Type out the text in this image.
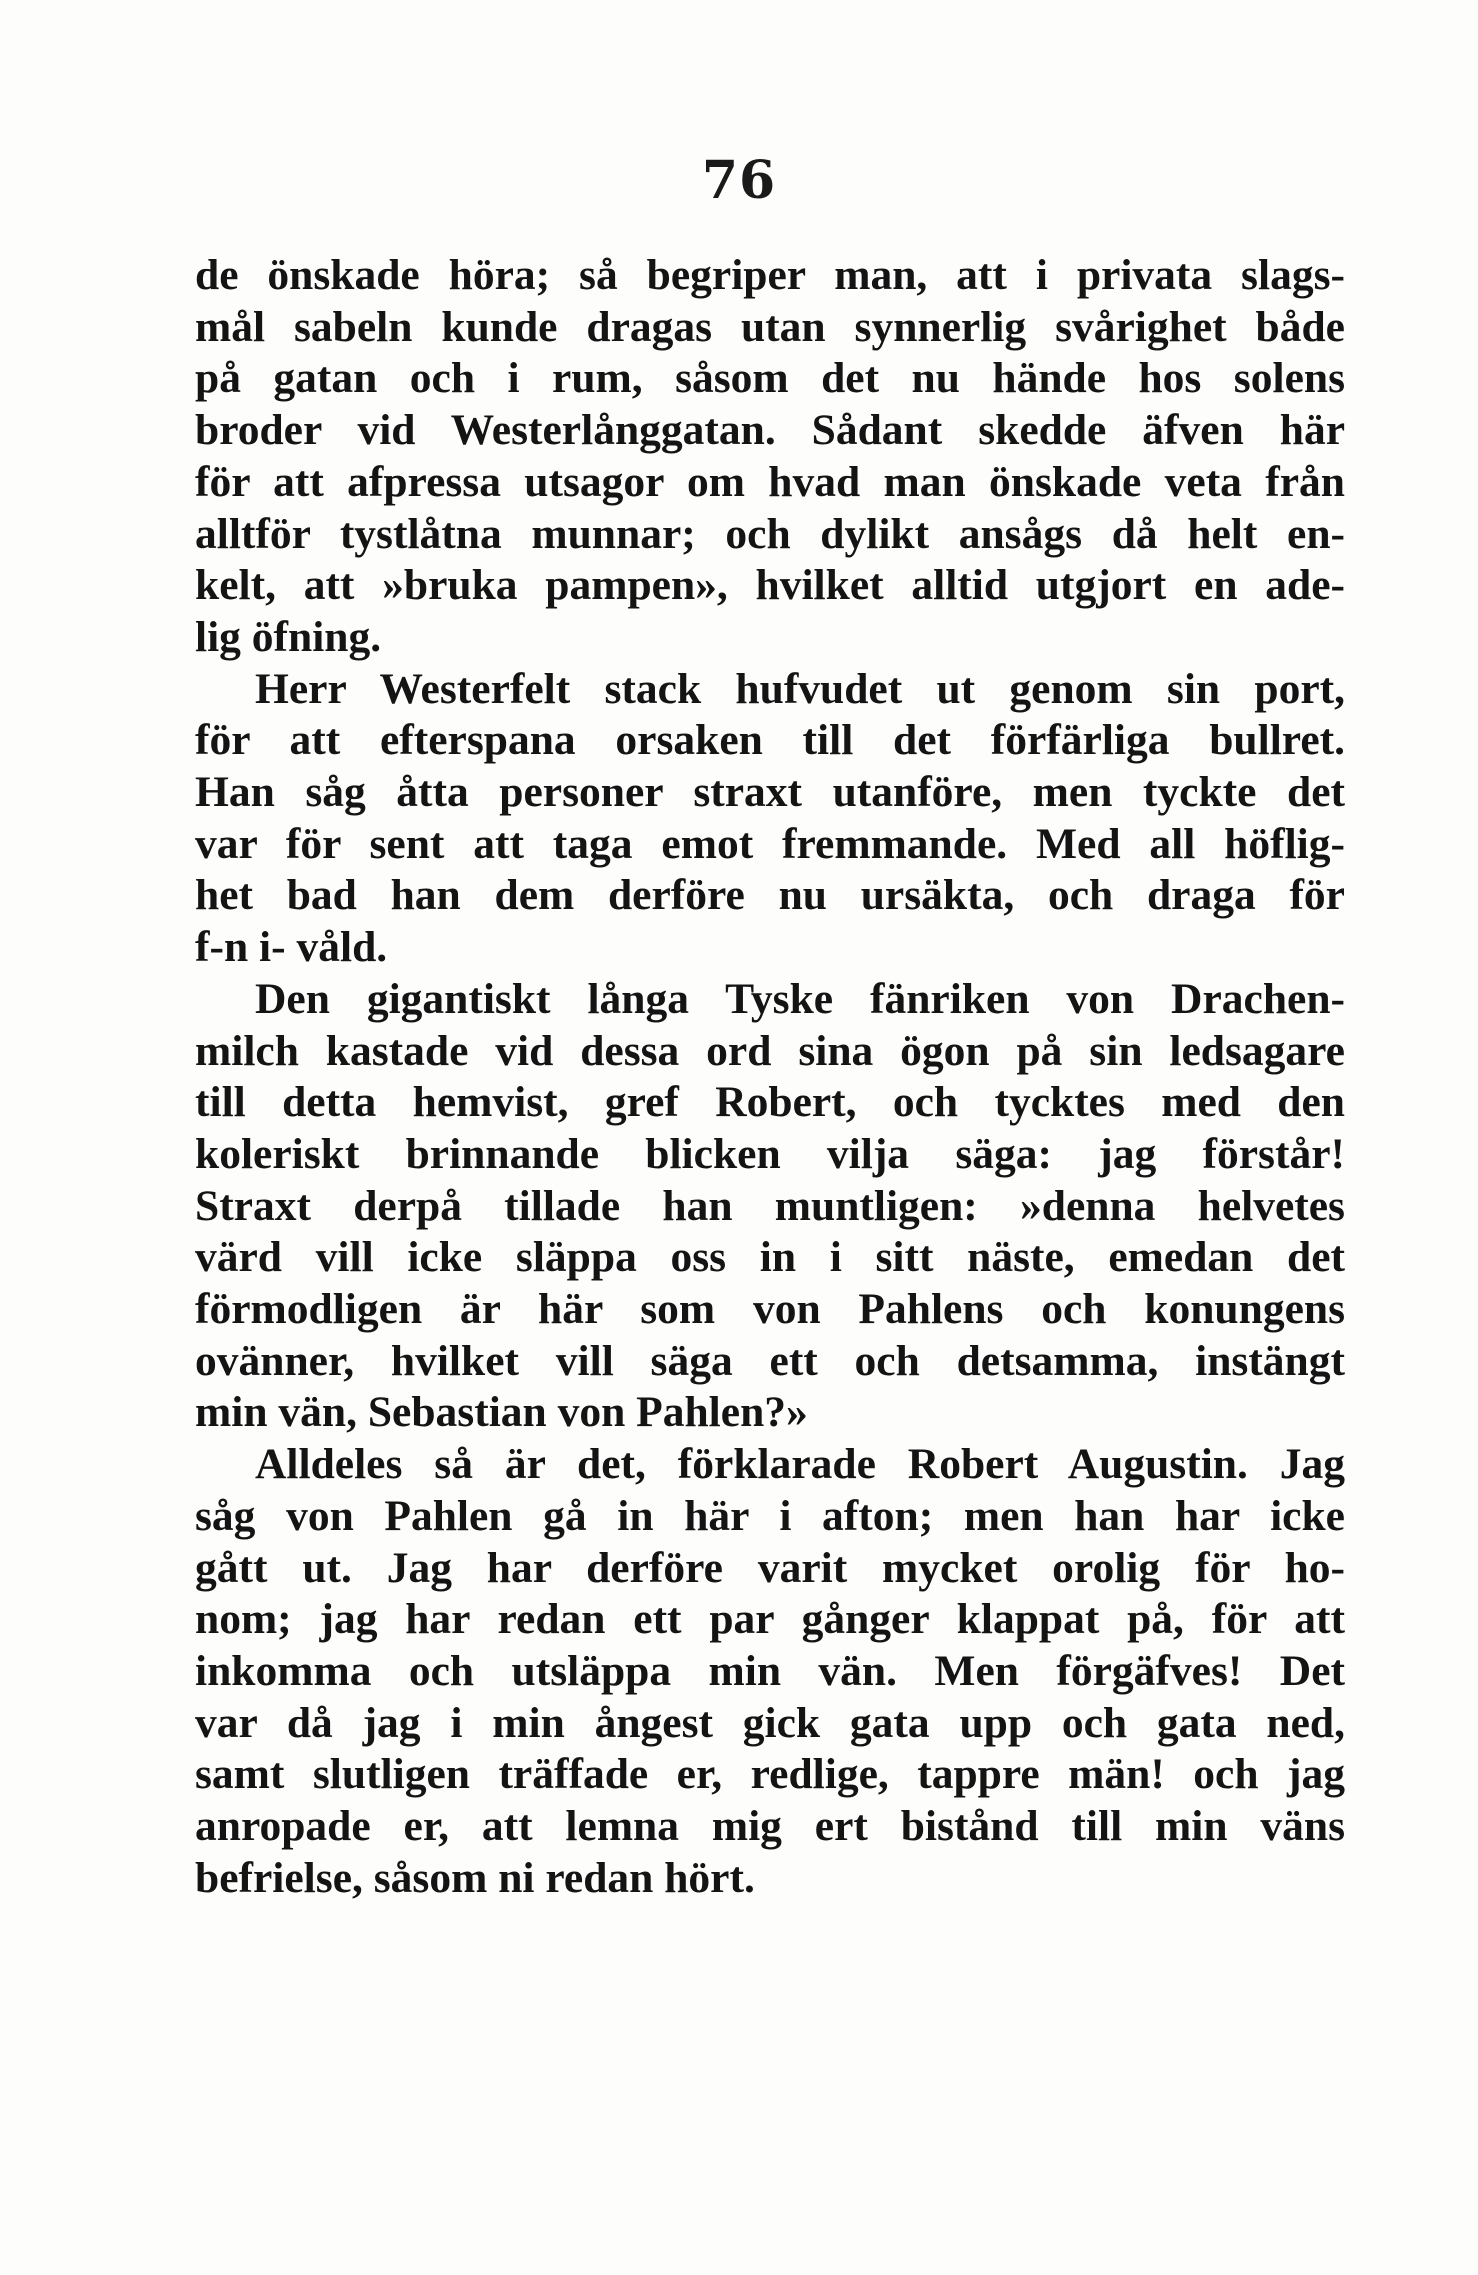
76

de önskade höra; så begriper man, att i privata slags-
mål sabeln kunde dragas utan synnerlig svårighet både
på gatan och i rum, såsom det nu hände hos solens
broder vid Westerlånggatan. Sådant skedde äfven här
för att afpressa utsagor om hvad man önskade veta från
alltför tystlåtna munnar; och dylikt ansågs då helt en-
kelt, att »bruka pampen», hvilket alltid utgjort en ade-
lig öfning.

Herr Westerfelt stack hufvudet ut genom sin port,
för att efterspana orsaken till det förfärliga bullret.
Han såg åtta personer straxt utanföre, men tyckte det
var för sent att taga emot fremmande. Med all höflig-
het bad han dem derföre nu ursäkta, och draga för
f-n i- våld.

Den gigantiskt långa Tyske fänriken von Drachen-
milch kastade vid dessa ord sina ögon på sin ledsagare
till detta hemvist, gref Robert, och tycktes med den
koleriskt brinnande blicken vilja säga: jag förstår!
Straxt derpå tillade han muntligen: »denna helvetes
värd vill icke släppa oss in i sitt näste, emedan det
förmodligen är här som von Pahlens och konungens
ovänner, hvilket vill säga ett och detsamma, instängt
min vän, Sebastian von Pahlen?»

Alldeles så är det, förklarade Robert Augustin. Jag
såg von Pahlen gå in här i afton; men han har icke
gått ut. Jag har derföre varit mycket orolig för ho-
nom; jag har redan ett par gånger klappat på, för att
inkomma och utsläppa min vän. Men förgäfves! Det
var då jag i min ångest gick gata upp och gata ned,
samt slutligen träffade er, redlige, tappre män! och jag
anropade er, att lemna mig ert bistånd till min väns
befrielse, såsom ni redan hört.
